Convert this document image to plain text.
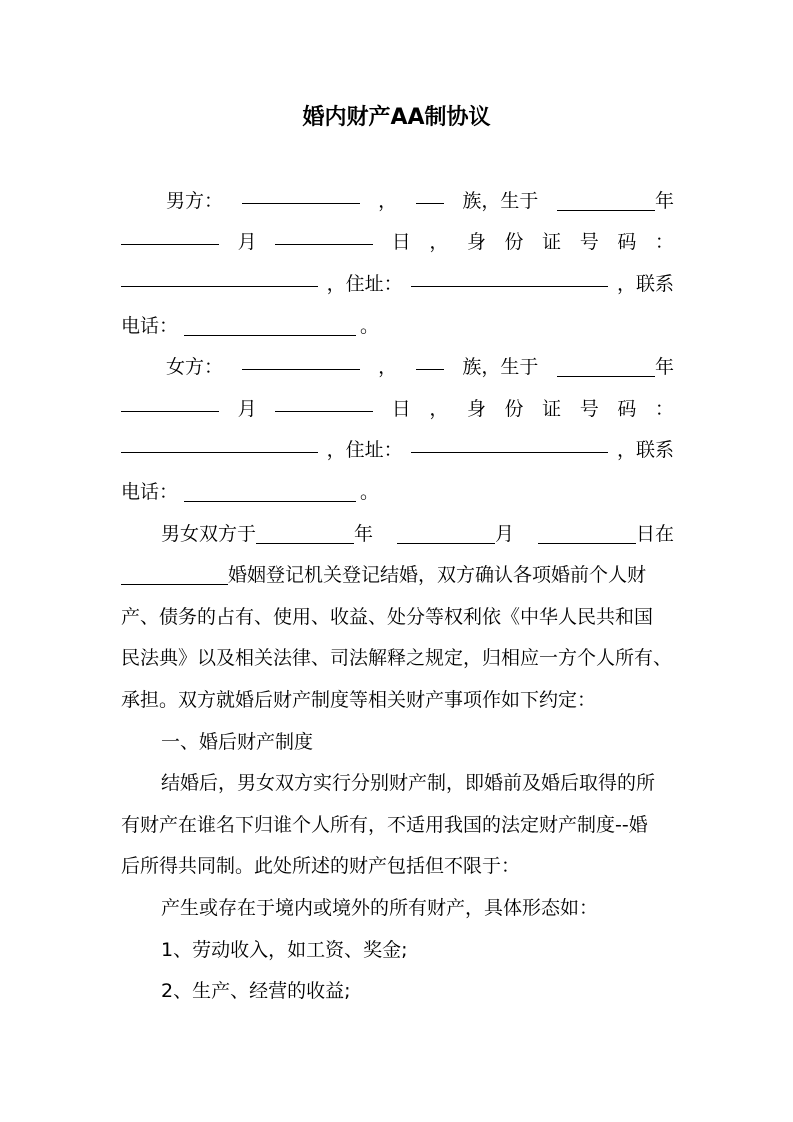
婚内财产AA制协议
男方：	，	族，生于	年
月	日 ， 身 份 证 号 码 ：
，住址：	，联系
电话：	。
女方：	，	族，生于	年
月	日 ， 身 份 证 号 码 ：
，住址：	，联系
电话：	。
男女双方于	年	月	日在
婚姻登记机关登记结婚，双方确认各项婚前个人财
产、债务的占有、使用、收益、处分等权利依《中华人民共和国
民法典》以及相关法律、司法解释之规定，归相应一方个人所有、
承担。双方就婚后财产制度等相关财产事项作如下约定：
一、婚后财产制度
结婚后，男女双方实行分别财产制，即婚前及婚后取得的所
有财产在谁名下归谁个人所有，不适用我国的法定财产制度--婚
后所得共同制。此处所述的财产包括但不限于：
产生或存在于境内或境外的所有财产，具体形态如：
1、劳动收入，如工资、奖金;
2、生产、经营的收益;
